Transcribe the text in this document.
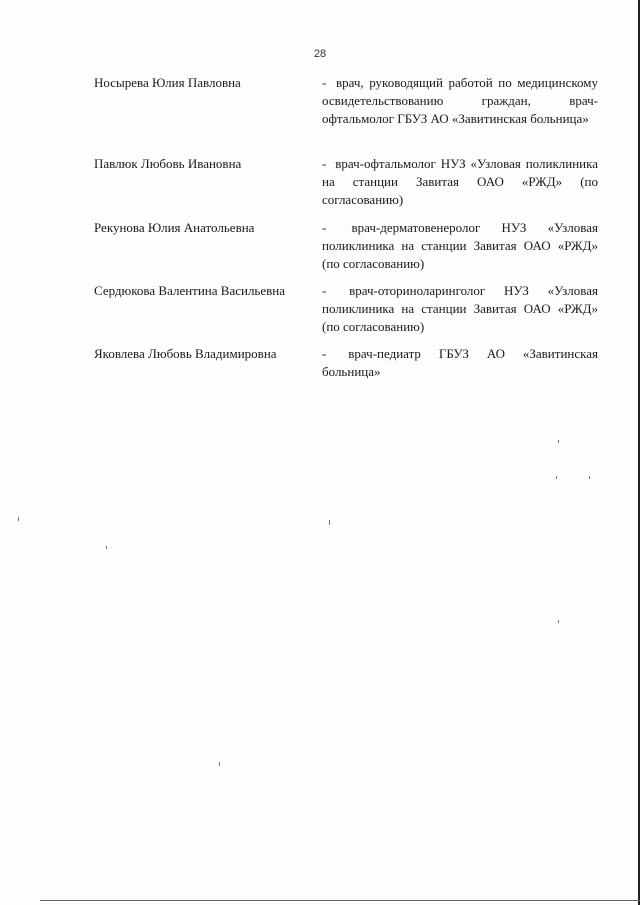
28
Носырева Юлия Павловна	- врач, руководящий работой по медицинскому освидетельствованию граждан, врач-офтальмолог ГБУЗ АО «Завитинская больница»
Павлюк Любовь Ивановна	- врач-офтальмолог НУЗ «Узловая поликлиника на станции Завитая ОАО «РЖД» (по согласованию)
Рекунова Юлия Анатольевна	- врач-дерматовенеролог НУЗ «Узловая поликлиника на станции Завитая ОАО «РЖД» (по согласованию)
Сердюкова Валентина Васильевна	- врач-оториноларинголог НУЗ «Узловая поликлиника на станции Завитая ОАО «РЖД» (по согласованию)
Яковлева Любовь Владимировна	- врач-педиатр ГБУЗ АО «Завитинская больница»
